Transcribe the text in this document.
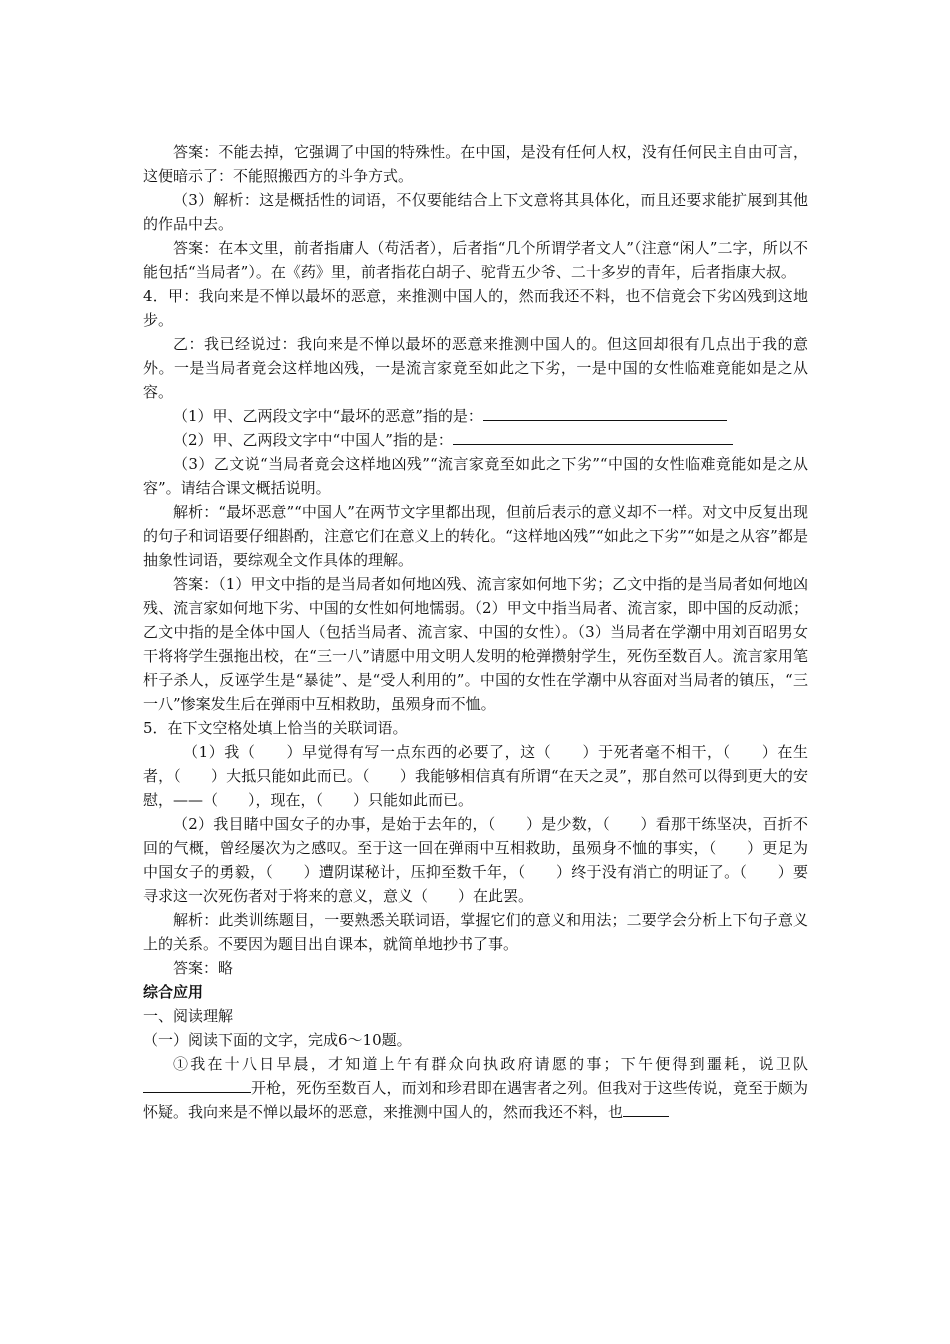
答案：不能去掉，它强调了中国的特殊性。在中国，是没有任何人权，没有任何民主自由可言，这便暗示了：不能照搬西方的斗争方式。

（3）解析：这是概括性的词语，不仅要能结合上下文意将其具体化，而且还要求能扩展到其他的作品中去。

答案：在本文里，前者指庸人（苟活者），后者指“几个所谓学者文人”（注意“闲人”二字，所以不能包括“当局者”）。在《药》里，前者指花白胡子、驼背五少爷、二十多岁的青年，后者指康大叔。

4．甲：我向来是不惮以最坏的恶意，来推测中国人的，然而我还不料，也不信竟会下劣凶残到这地步。

乙：我已经说过：我向来是不惮以最坏的恶意来推测中国人的。但这回却很有几点出于我的意外。一是当局者竟会这样地凶残，一是流言家竟至如此之下劣，一是中国的女性临难竟能如是之从容。

（1）甲、乙两段文字中“最坏的恶意”指的是：

（2）甲、乙两段文字中“中国人”指的是：

（3）乙文说“当局者竟会这样地凶残”“流言家竟至如此之下劣”“中国的女性临难竟能如是之从容”。请结合课文概括说明。

解析：“最坏恶意”“中国人”在两节文字里都出现，但前后表示的意义却不一样。对文中反复出现的句子和词语要仔细斟酌，注意它们在意义上的转化。“这样地凶残”“如此之下劣”“如是之从容”都是抽象性词语，要综观全文作具体的理解。

答案：（1）甲文中指的是当局者如何地凶残、流言家如何地下劣；乙文中指的是当局者如何地凶残、流言家如何地下劣、中国的女性如何地懦弱。（2）甲文中指当局者、流言家，即中国的反动派；乙文中指的是全体中国人（包括当局者、流言家、中国的女性）。（3）当局者在学潮中用刘百昭男女干将将学生强拖出校，在“三一八”请愿中用文明人发明的枪弹攒射学生，死伤至数百人。流言家用笔杆子杀人，反诬学生是“暴徒”、是“受人利用的”。中国的女性在学潮中从容面对当局者的镇压，“三一八”惨案发生后在弹雨中互相救助，虽殒身而不恤。

5．在下文空格处填上恰当的关联词语。

（1）我（　　）早觉得有写一点东西的必要了，这（　　）于死者毫不相干，（　　）在生者，（　　）大抵只能如此而已。（　　）我能够相信真有所谓“在天之灵”，那自然可以得到更大的安慰，——（　　），现在，（　　）只能如此而已。

（2）我目睹中国女子的办事，是始于去年的，（　　）是少数，（　　）看那干练坚决，百折不回的气概，曾经屡次为之感叹。至于这一回在弹雨中互相救助，虽殒身不恤的事实，（　　）更足为中国女子的勇毅，（　　）遭阴谋秘计，压抑至数千年，（　　）终于没有消亡的明证了。（　　）要寻求这一次死伤者对于将来的意义，意义（　　）在此罢。

解析：此类训练题目，一要熟悉关联词语，掌握它们的意义和用法；二要学会分析上下句子意义上的关系。不要因为题目出自课本，就简单地抄书了事。

答案：略

综合应用

一、阅读理解

（一）阅读下面的文字，完成6～10题。

①我在十八日早晨，才知道上午有群众向执政府请愿的事；下午便得到噩耗，说卫队开枪，死伤至数百人，而刘和珍君即在遇害者之列。但我对于这些传说，竟至于颇为怀疑。我向来是不惮以最坏的恶意，来推测中国人的，然而我还不料，也
